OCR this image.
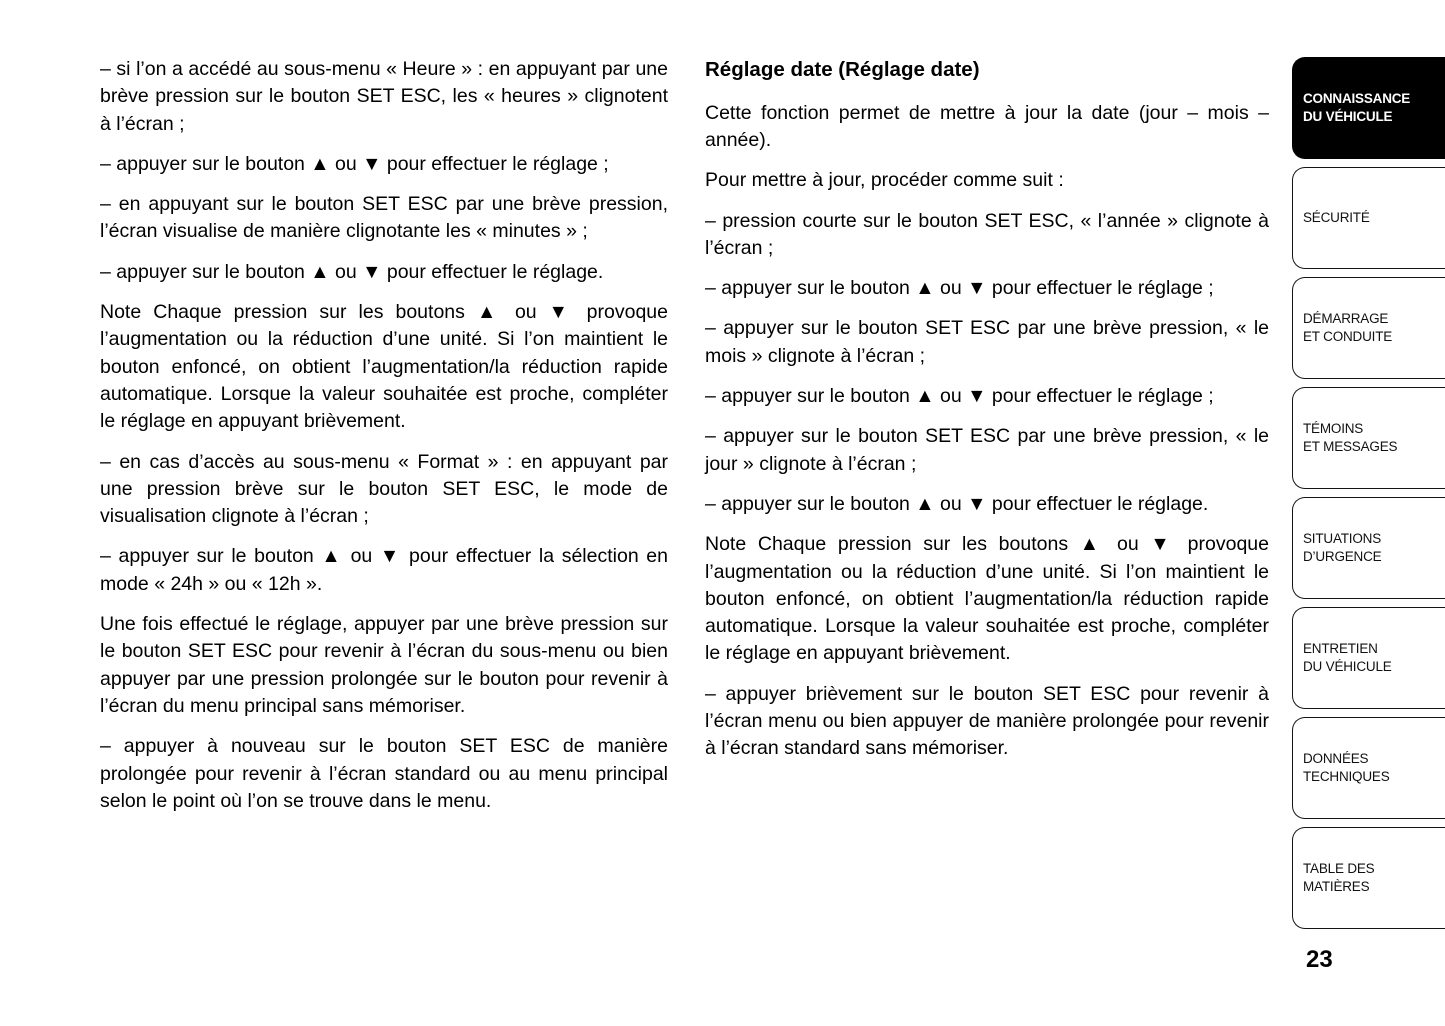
– si l’on a accédé au sous-menu « Heure » : en appuyant par une brève pression sur le bouton SET ESC, les « heures » clignotent à l’écran ;

– appuyer sur le bouton ▲ ou ▼ pour effectuer le réglage ;

– en appuyant sur le bouton SET ESC par une brève pression, l’écran visualise de manière clignotante les « minutes » ;

– appuyer sur le bouton ▲ ou ▼ pour effectuer le réglage.

Note Chaque pression sur les boutons ▲ ou ▼ provoque l’augmentation ou la réduction d’une unité. Si l’on maintient le bouton enfoncé, on obtient l’augmentation/la réduction rapide automatique. Lorsque la valeur souhaitée est proche, compléter le réglage en appuyant brièvement.

– en cas d’accès au sous-menu « Format » : en appuyant par une pression brève sur le bouton SET ESC, le mode de visualisation clignote à l’écran ;

– appuyer sur le bouton ▲ ou ▼ pour effectuer la sélection en mode « 24h » ou « 12h ».

Une fois effectué le réglage, appuyer par une brève pression sur le bouton SET ESC pour revenir à l’écran du sous-menu ou bien appuyer par une pression prolongée sur le bouton pour revenir à l’écran du menu principal sans mémoriser.

– appuyer à nouveau sur le bouton SET ESC de manière prolongée pour revenir à l’écran standard ou au menu principal selon le point où l’on se trouve dans le menu.

Réglage date (Réglage date)

Cette fonction permet de mettre à jour la date (jour – mois – année).

Pour mettre à jour, procéder comme suit :

– pression courte sur le bouton SET ESC, « l’année » clignote à l’écran ;

– appuyer sur le bouton ▲ ou ▼ pour effectuer le réglage ;

– appuyer sur le bouton SET ESC par une brève pression, « le mois » clignote à l’écran ;

– appuyer sur le bouton ▲ ou ▼ pour effectuer le réglage ;

– appuyer sur le bouton SET ESC par une brève pression, « le jour » clignote à l’écran ;

– appuyer sur le bouton ▲ ou ▼ pour effectuer le réglage.

Note Chaque pression sur les boutons ▲ ou ▼ provoque l’augmentation ou la réduction d’une unité. Si l’on maintient le bouton enfoncé, on obtient l’augmentation/la réduction rapide automatique. Lorsque la valeur souhaitée est proche, compléter le réglage en appuyant brièvement.

– appuyer brièvement sur le bouton SET ESC pour revenir à l’écran menu ou bien appuyer de manière prolongée pour revenir à l’écran standard sans mémoriser.

CONNAISSANCE
DU VÉHICULE
SÉCURITÉ
DÉMARRAGE
ET CONDUITE
TÉMOINS
ET MESSAGES
SITUATIONS
D’URGENCE
ENTRETIEN
DU VÉHICULE
DONNÉES
TECHNIQUES
TABLE DES
MATIÈRES
23
